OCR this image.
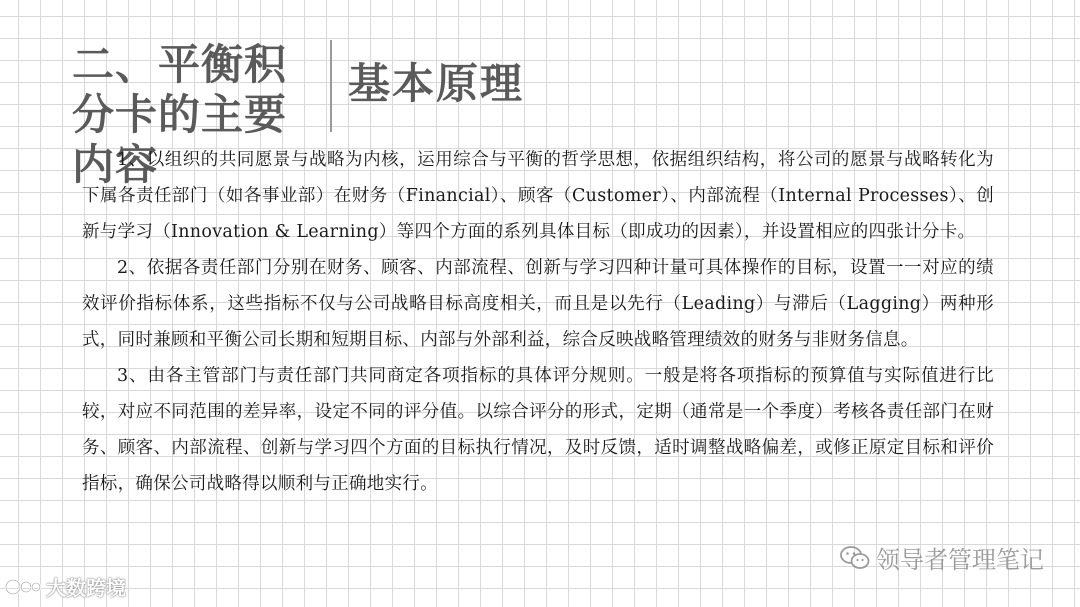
二、平衡积分卡的主要内容
基本原理

1、以组织的共同愿景与战略为内核，运用综合与平衡的哲学思想，依据组织结构，将公司的愿景与战略转化为下属各责任部门（如各事业部）在财务（Financial）、顾客（Customer）、内部流程（Internal Processes）、创新与学习（Innovation & Learning）等四个方面的系列具体目标（即成功的因素），并设置相应的四张计分卡。

2、依据各责任部门分别在财务、顾客、内部流程、创新与学习四种计量可具体操作的目标，设置一一对应的绩效评价指标体系，这些指标不仅与公司战略目标高度相关，而且是以先行（Leading）与滞后（Lagging）两种形式，同时兼顾和平衡公司长期和短期目标、内部与外部利益，综合反映战略管理绩效的财务与非财务信息。

3、由各主管部门与责任部门共同商定各项指标的具体评分规则。一般是将各项指标的预算值与实际值进行比较，对应不同范围的差异率，设定不同的评分值。以综合评分的形式，定期（通常是一个季度）考核各责任部门在财务、顾客、内部流程、创新与学习四个方面的目标执行情况，及时反馈，适时调整战略偏差，或修正原定目标和评价指标，确保公司战略得以顺利与正确地实行。

领导者管理笔记
大数跨境
